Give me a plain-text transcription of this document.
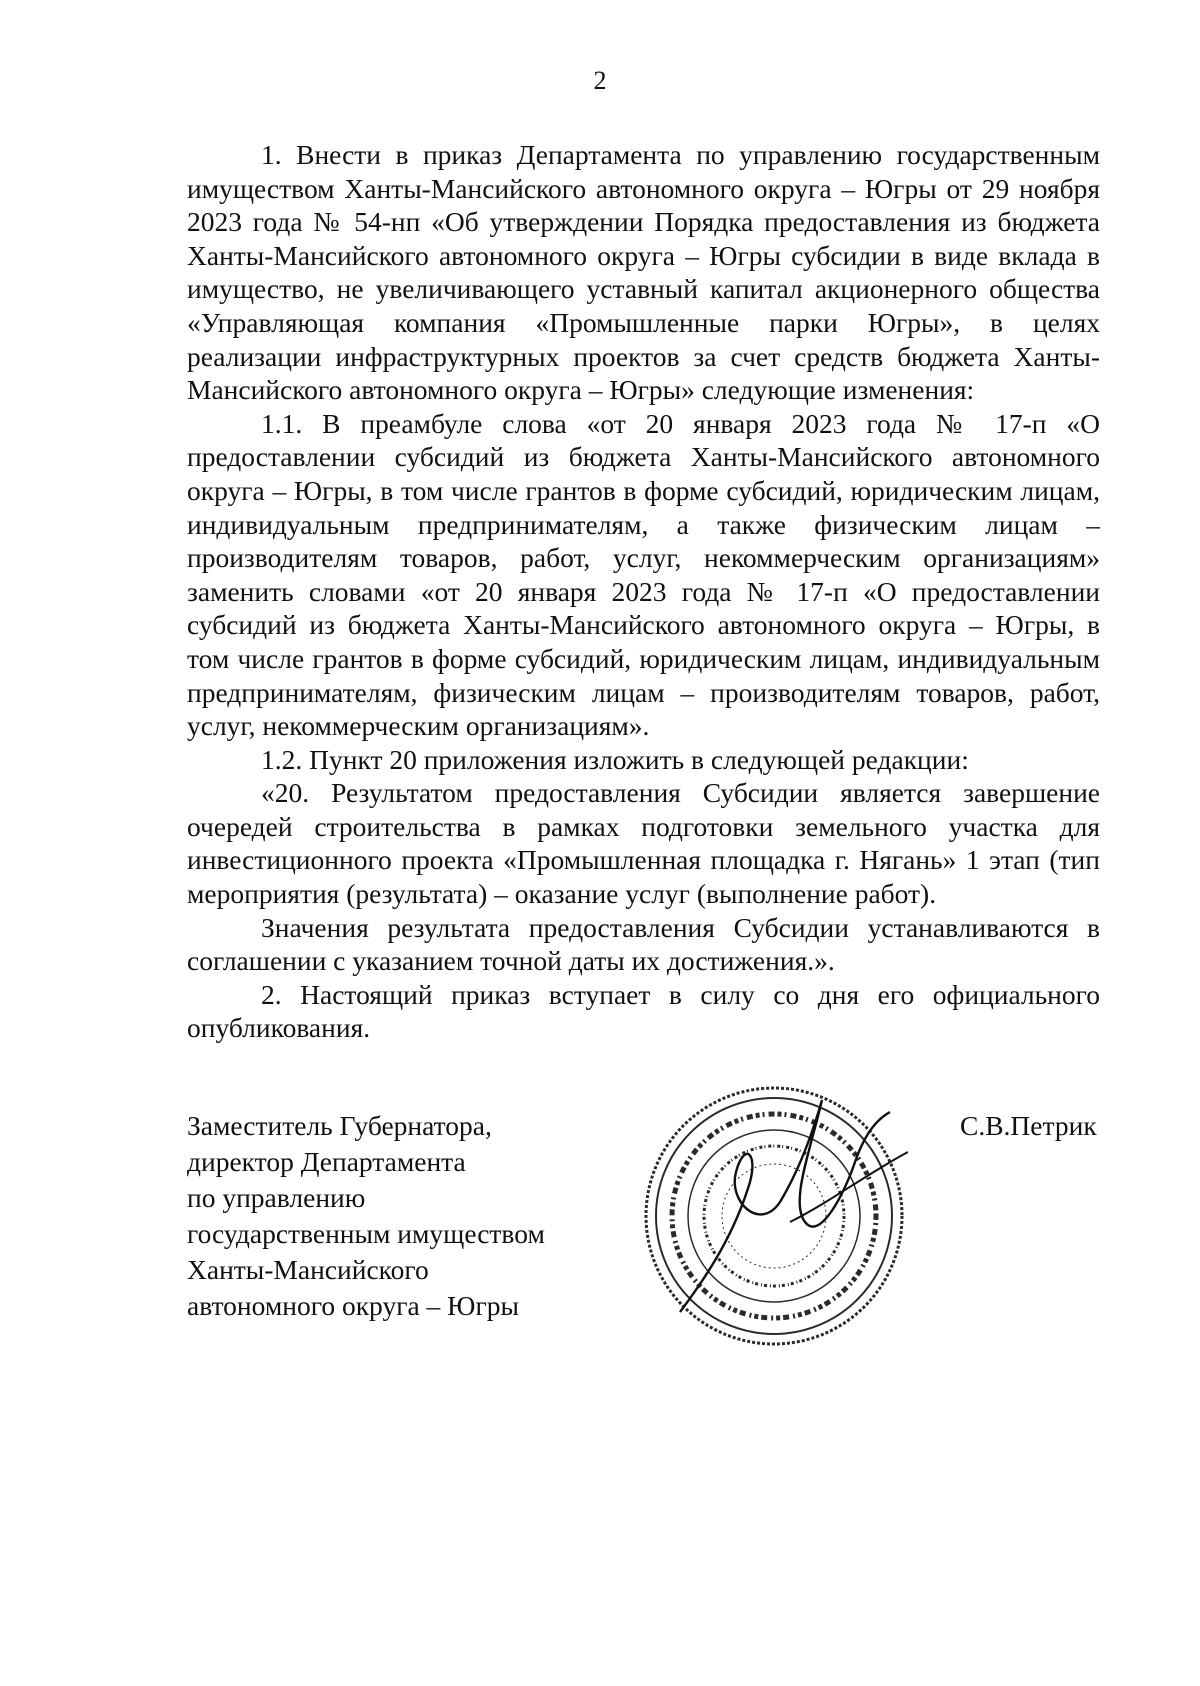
2

1. Внести в приказ Департамента по управлению государственным имуществом Ханты-Мансийского автономного округа – Югры от 29 ноября 2023 года № 54-нп «Об утверждении Порядка предоставления из бюджета Ханты-Мансийского автономного округа – Югры субсидии в виде вклада в имущество, не увеличивающего уставный капитал акционерного общества «Управляющая компания «Промышленные парки Югры», в целях реализации инфраструктурных проектов за счет средств бюджета Ханты-Мансийского автономного округа – Югры» следующие изменения:

1.1. В преамбуле слова «от 20 января 2023 года № 17-п «О предоставлении субсидий из бюджета Ханты-Мансийского автономного округа – Югры, в том числе грантов в форме субсидий, юридическим лицам, индивидуальным предпринимателям, а также физическим лицам – производителям товаров, работ, услуг, некоммерческим организациям» заменить словами «от 20 января 2023 года № 17-п «О предоставлении субсидий из бюджета Ханты-Мансийского автономного округа – Югры, в том числе грантов в форме субсидий, юридическим лицам, индивидуальным предпринимателям, физическим лицам – производителям товаров, работ, услуг, некоммерческим организациям».

1.2. Пункт 20 приложения изложить в следующей редакции:

«20. Результатом предоставления Субсидии является завершение очередей строительства в рамках подготовки земельного участка для инвестиционного проекта «Промышленная площадка г. Нягань» 1 этап (тип мероприятия (результата) – оказание услуг (выполнение работ).

Значения результата предоставления Субсидии устанавливаются в соглашении с указанием точной даты их достижения.».

2. Настоящий приказ вступает в силу со дня его официального опубликования.

Заместитель Губернатора,
директор Департамента
по управлению
государственным имуществом
Ханты-Мансийского
автономного округа – Югры
С.В.Петрик
